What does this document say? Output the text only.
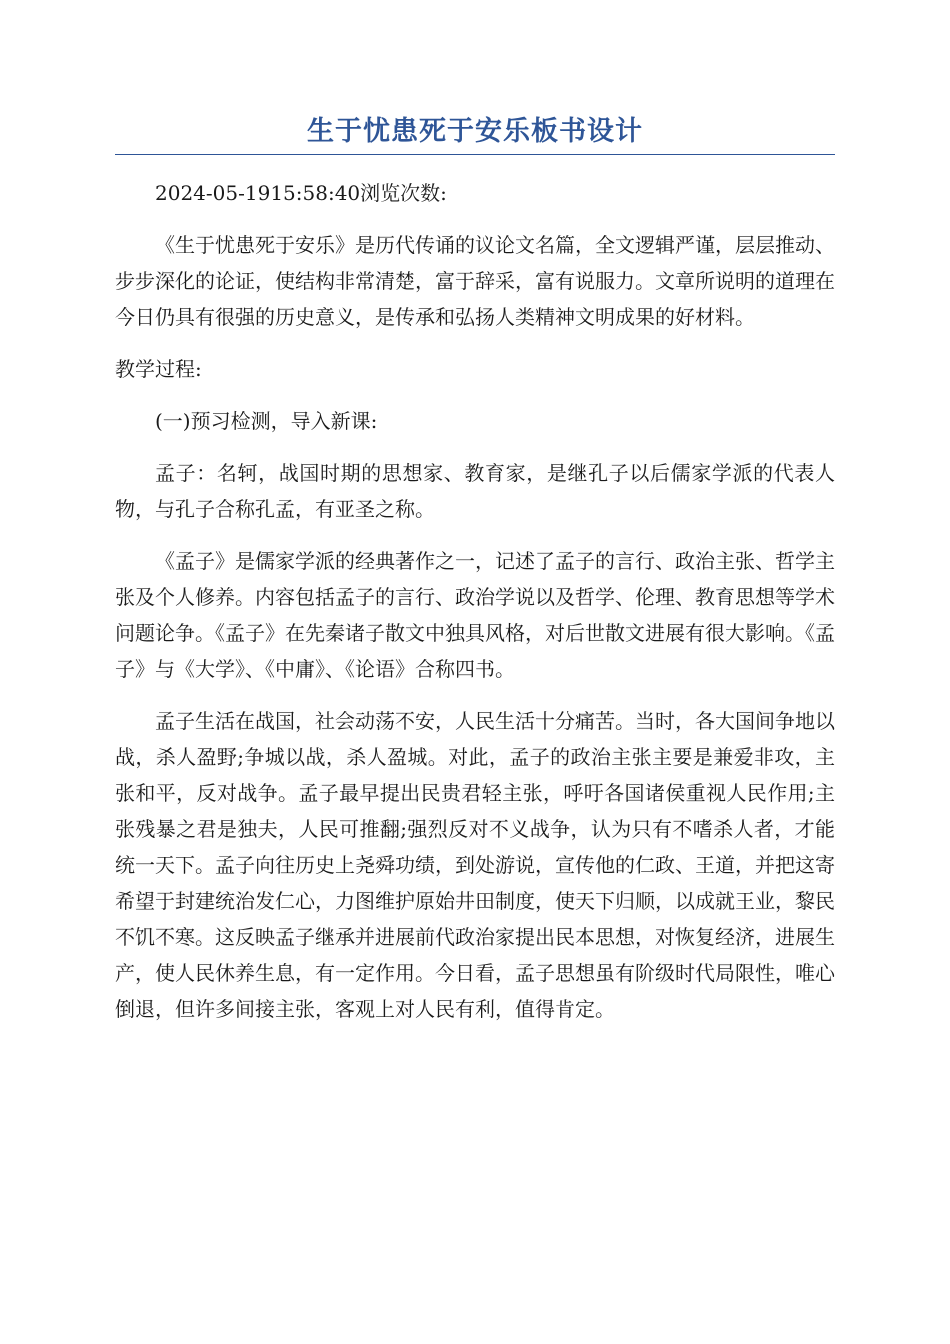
生于忧患死于安乐板书设计

2024-05-1915:58:40浏览次数:

《生于忧患死于安乐》是历代传诵的议论文名篇，全文逻辑严谨，层层推动、步步深化的论证，使结构非常清楚，富于辞采，富有说服力。文章所说明的道理在今日仍具有很强的历史意义，是传承和弘扬人类精神文明成果的好材料。

教学过程:

(一)预习检测，导入新课:

孟子：名轲，战国时期的思想家、教育家，是继孔子以后儒家学派的代表人物，与孔子合称孔孟，有亚圣之称。

《孟子》是儒家学派的经典著作之一，记述了孟子的言行、政治主张、哲学主张及个人修养。内容包括孟子的言行、政治学说以及哲学、伦理、教育思想等学术问题论争。《孟子》在先秦诸子散文中独具风格，对后世散文进展有很大影响。《孟子》与《大学》、《中庸》、《论语》合称四书。

孟子生活在战国，社会动荡不安，人民生活十分痛苦。当时，各大国间争地以战，杀人盈野;争城以战，杀人盈城。对此，孟子的政治主张主要是兼爱非攻，主张和平，反对战争。孟子最早提出民贵君轻主张，呼吁各国诸侯重视人民作用;主张残暴之君是独夫，人民可推翻;强烈反对不义战争，认为只有不嗜杀人者，才能统一天下。孟子向往历史上尧舜功绩，到处游说，宣传他的仁政、王道，并把这寄希望于封建统治发仁心，力图维护原始井田制度，使天下归顺，以成就王业，黎民不饥不寒。这反映孟子继承并进展前代政治家提出民本思想，对恢复经济，进展生产，使人民休养生息，有一定作用。今日看，孟子思想虽有阶级时代局限性，唯心倒退，但许多间接主张，客观上对人民有利，值得肯定。
